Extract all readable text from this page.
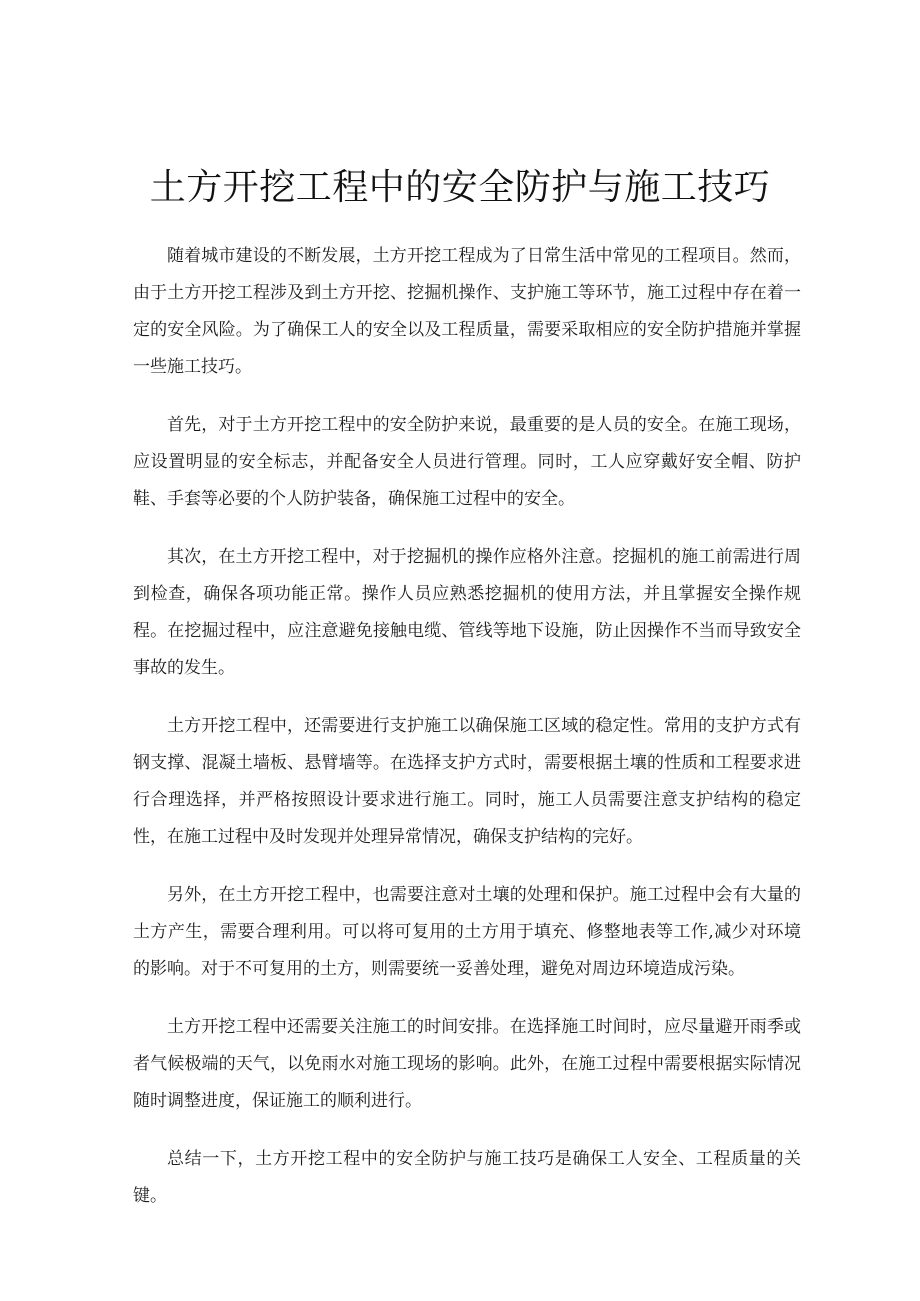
土方开挖工程中的安全防护与施工技巧

随着城市建设的不断发展，土方开挖工程成为了日常生活中常见的工程项目。然而，由于土方开挖工程涉及到土方开挖、挖掘机操作、支护施工等环节，施工过程中存在着一定的安全风险。为了确保工人的安全以及工程质量，需要采取相应的安全防护措施并掌握一些施工技巧。

首先，对于土方开挖工程中的安全防护来说，最重要的是人员的安全。在施工现场，应设置明显的安全标志，并配备安全人员进行管理。同时，工人应穿戴好安全帽、防护鞋、手套等必要的个人防护装备，确保施工过程中的安全。

其次，在土方开挖工程中，对于挖掘机的操作应格外注意。挖掘机的施工前需进行周到检查，确保各项功能正常。操作人员应熟悉挖掘机的使用方法，并且掌握安全操作规程。在挖掘过程中，应注意避免接触电缆、管线等地下设施，防止因操作不当而导致安全事故的发生。

土方开挖工程中，还需要进行支护施工以确保施工区域的稳定性。常用的支护方式有钢支撑、混凝土墙板、悬臂墙等。在选择支护方式时，需要根据土壤的性质和工程要求进行合理选择，并严格按照设计要求进行施工。同时，施工人员需要注意支护结构的稳定性，在施工过程中及时发现并处理异常情况，确保支护结构的完好。

另外，在土方开挖工程中，也需要注意对土壤的处理和保护。施工过程中会有大量的土方产生，需要合理利用。可以将可复用的土方用于填充、修整地表等工作,减少对环境的影响。对于不可复用的土方，则需要统一妥善处理，避免对周边环境造成污染。

土方开挖工程中还需要关注施工的时间安排。在选择施工时间时，应尽量避开雨季或者气候极端的天气，以免雨水对施工现场的影响。此外，在施工过程中需要根据实际情况随时调整进度，保证施工的顺利进行。

总结一下，土方开挖工程中的安全防护与施工技巧是确保工人安全、工程质量的关键。
